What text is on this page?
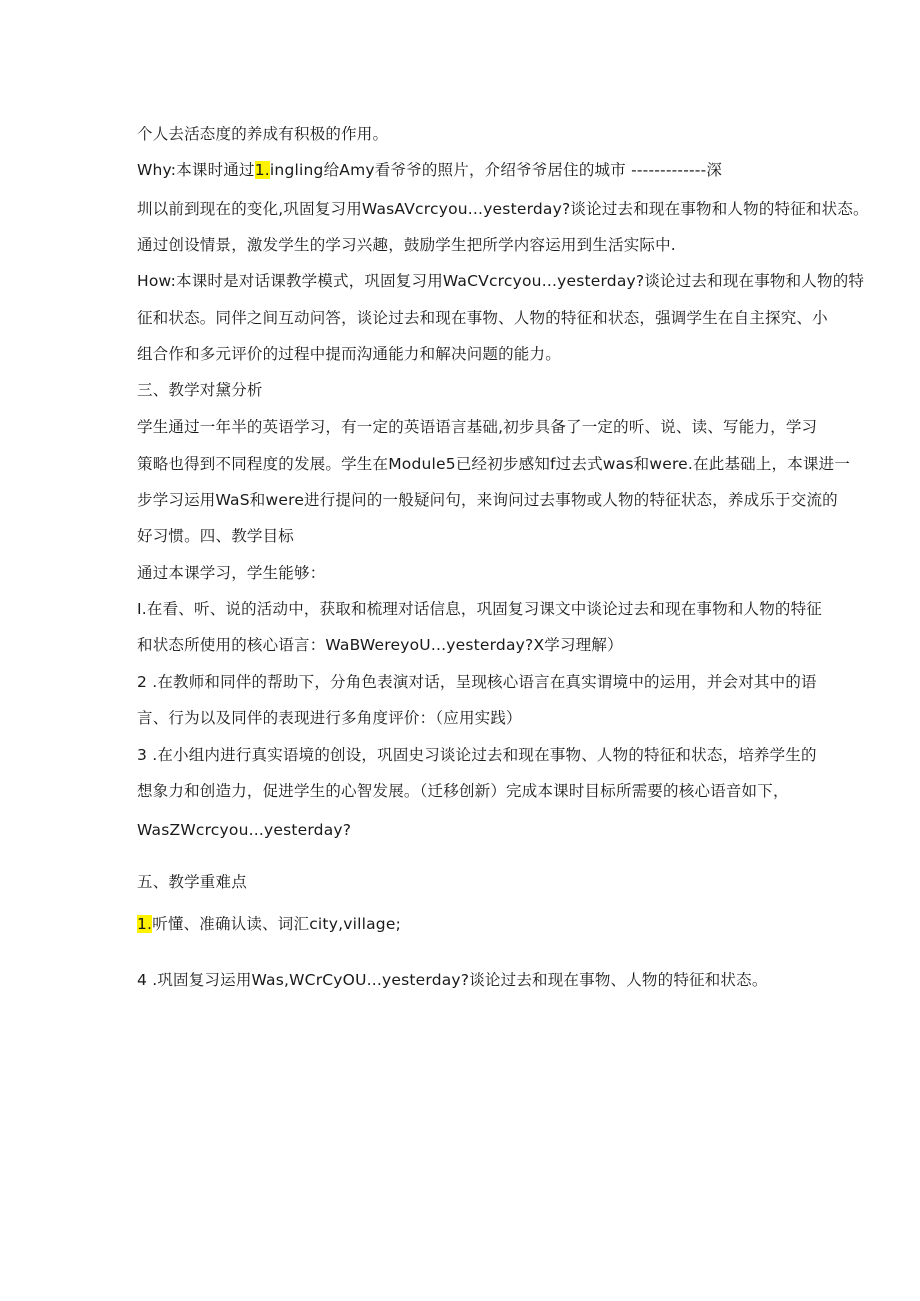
个人去活态度的养成有积极的作用。
Why:本课时通过1.ingling给Amy看爷爷的照片，介绍爷爷居住的城市 -------------深
圳以前到现在的变化,巩固复习用WasAVcrcyou...yesterday?谈论过去和现在事物和人物的特征和状态。
通过创设情景，激发学生的学习兴趣，鼓励学生把所学内容运用到生活实际中.
How:本课时是对话课教学模式，巩固复习用WaCVcrcyou...yesterday?谈论过去和现在事物和人物的特
征和状态。同伴之间互动问答，谈论过去和现在事物、人物的特征和状态，强调学生在自主探究、小
组合作和多元评价的过程中提而沟通能力和解决问题的能力。
三、教学对黛分析
学生通过一年半的英语学习，有一定的英语语言基础,初步具备了一定的听、说、读、写能力，学习
策略也得到不同程度的发展。学生在Module5已经初步感知f过去式was和were.在此基础上，本课进一
步学习运用WaS和were进行提问的一般疑问句，来询问过去事物或人物的特征状态，养成乐于交流的
好习惯。四、教学目标
通过本课学习，学生能够：
I.在看、听、说的活动中，获取和梳理对话信息，巩固复习课文中谈论过去和现在事物和人物的特征
和状态所使用的核心语言：WaBWereyoU...yesterday?X学习理解）
2 .在教师和同伴的帮助下，分角色表演对话，呈现核心语言在真实谓境中的运用，并会对其中的语
言、行为以及同伴的表现进行多角度评价：（应用实践）
3 .在小组内进行真实语境的创设，巩固史习谈论过去和现在事物、人物的特征和状态，培养学生的
想象力和创造力，促进学生的心智发展。（迁移创新）完成本课时目标所需要的核心语音如下，
WasZWcrcyou...yesterday?
五、教学重难点
1.听懂、准确认读、词汇city,village;
4 .巩固复习运用Was,WCrCyOU...yesterday?谈论过去和现在事物、人物的特征和状态。
